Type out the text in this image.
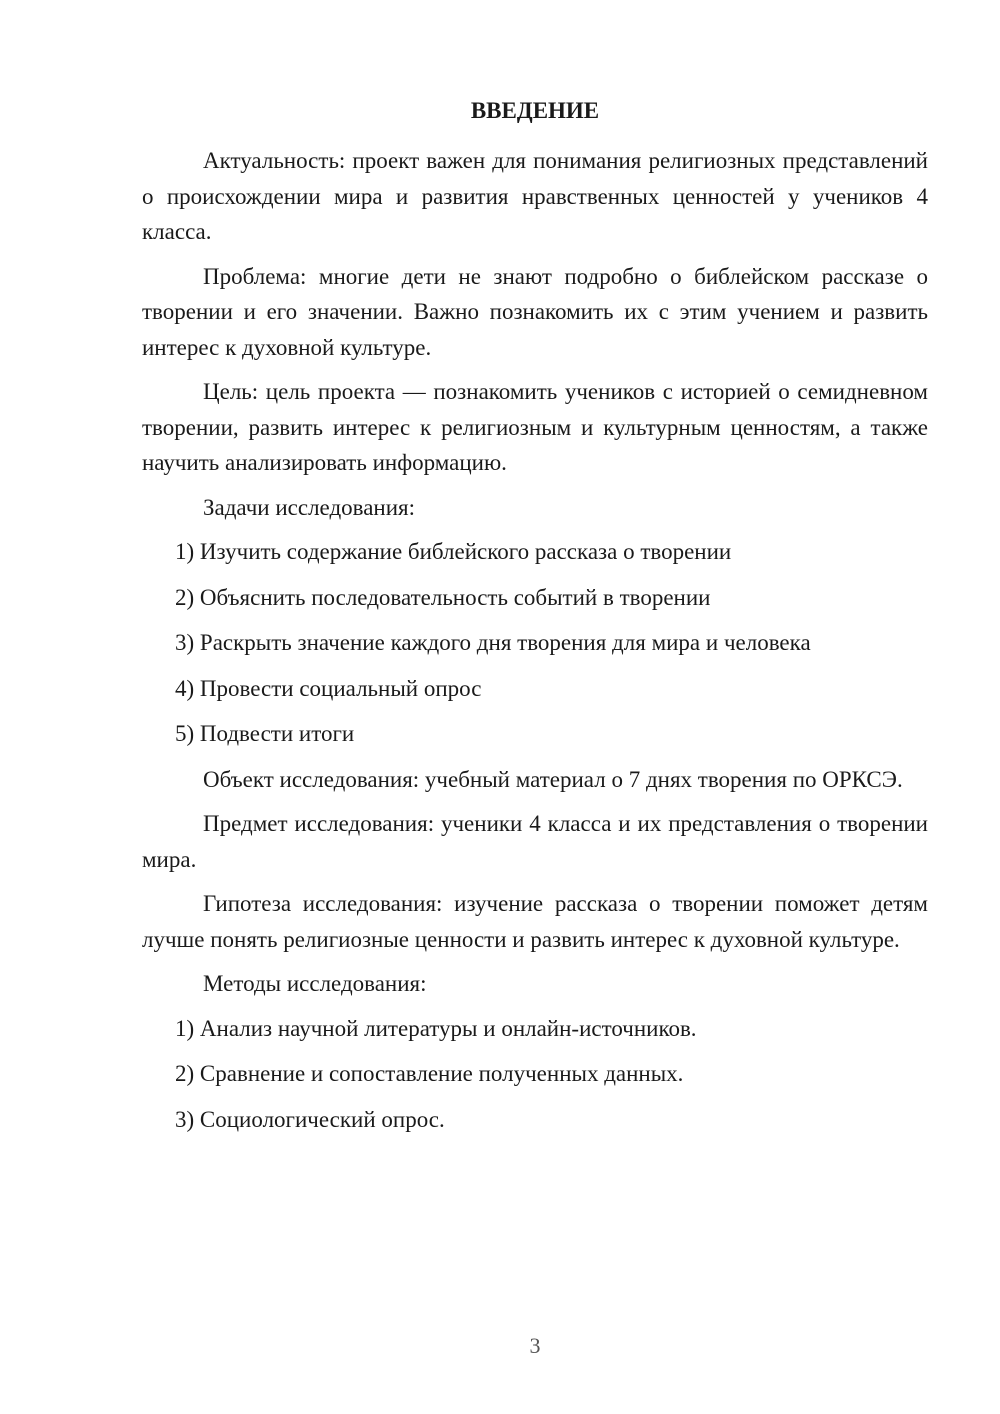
ВВЕДЕНИЕ

Актуальность: проект важен для понимания религиозных представлений о происхождении мира и развития нравственных ценностей у учеников 4 класса.

Проблема: многие дети не знают подробно о библейском рассказе о творении и его значении. Важно познакомить их с этим учением и развить интерес к духовной культуре.

Цель: цель проекта — познакомить учеников с историей о семидневном творении, развить интерес к религиозным и культурным ценностям, а также научить анализировать информацию.

Задачи исследования:

1) Изучить содержание библейского рассказа о творении
2) Объяснить последовательность событий в творении
3) Раскрыть значение каждого дня творения для мира и человека
4) Провести социальный опрос
5) Подвести итоги

Объект исследования: учебный материал о 7 днях творения по ОРКСЭ.

Предмет исследования: ученики 4 класса и их представления о творении мира.

Гипотеза исследования: изучение рассказа о творении поможет детям лучше понять религиозные ценности и развить интерес к духовной культуре.

Методы исследования:

1) Анализ научной литературы и онлайн-источников.
2) Сравнение и сопоставление полученных данных.
3) Социологический опрос.
3
